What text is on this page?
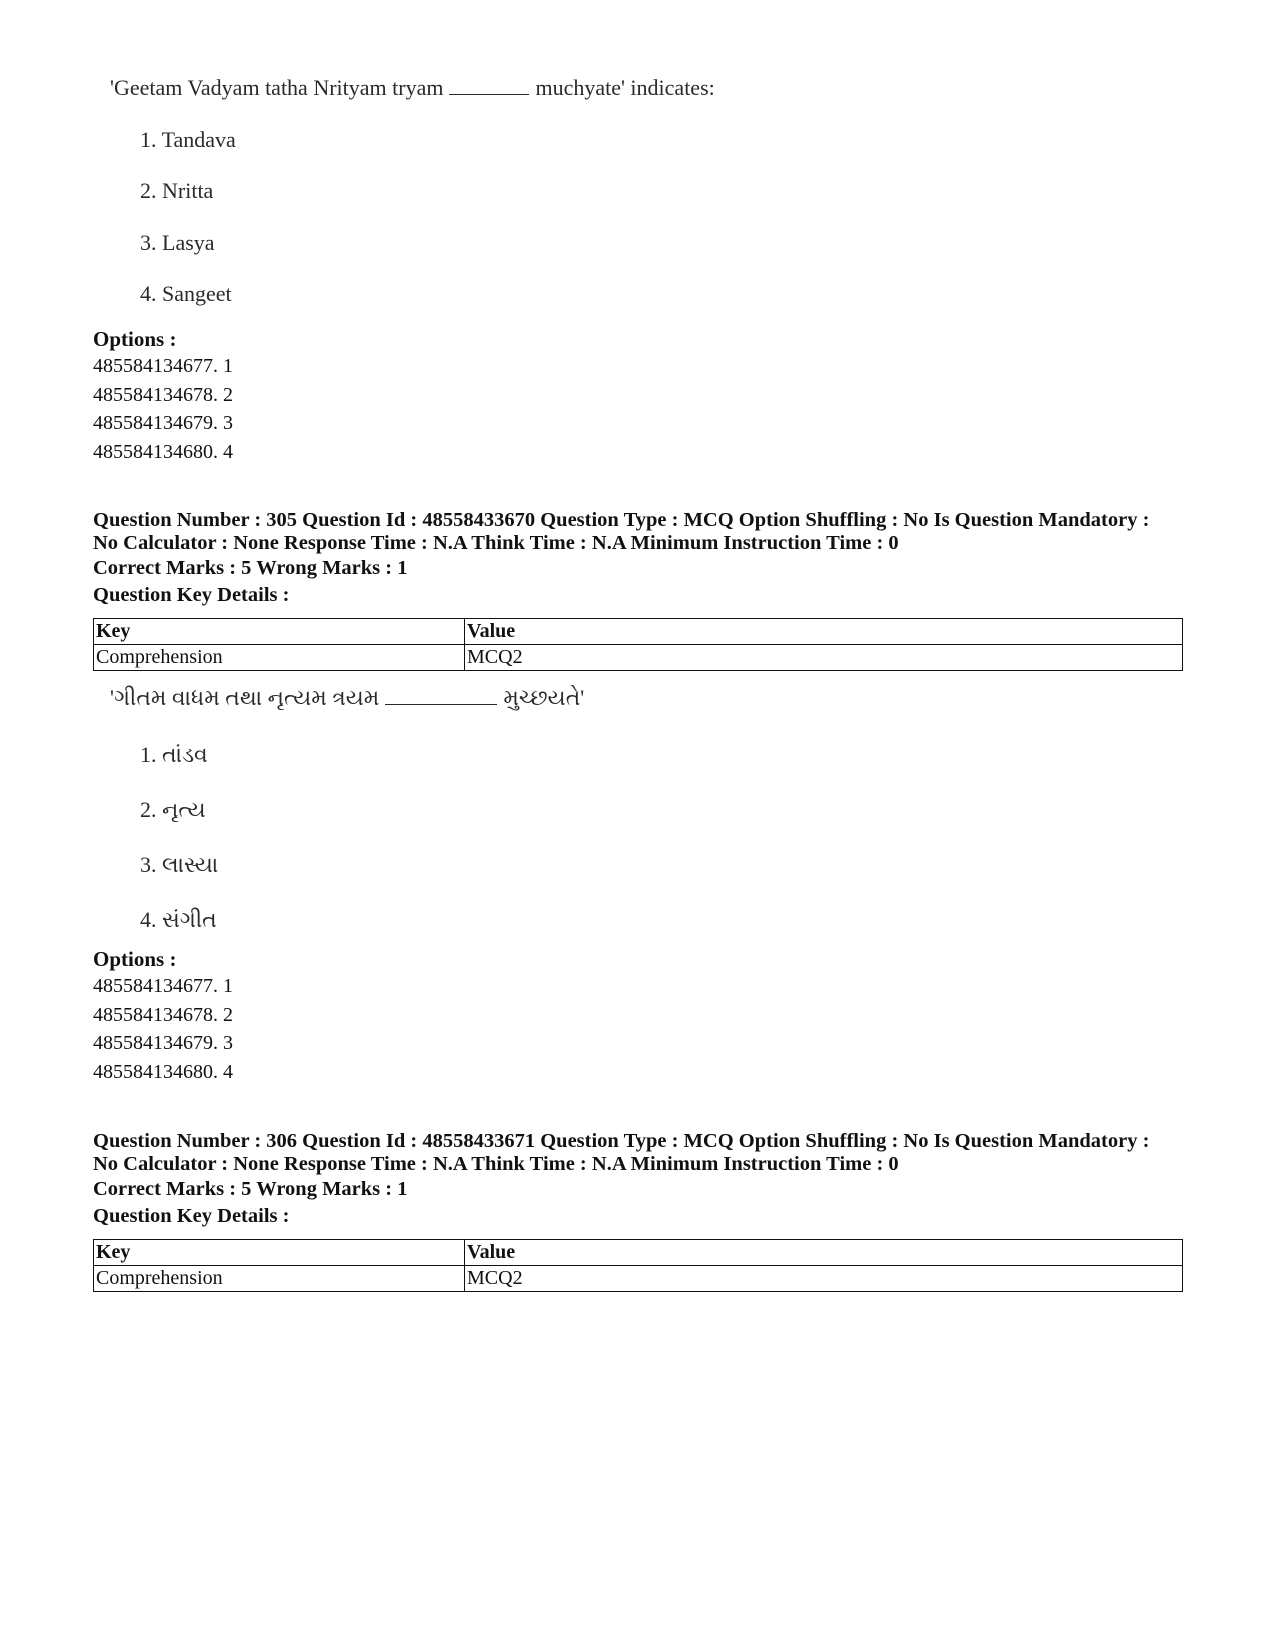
'Geetam Vadyam tatha Nrityam tryam	muchyate' indicates:
1. Tandava
2. Nritta
3. Lasya
4. Sangeet
Options :
485584134677. 1
485584134678. 2
485584134679. 3
485584134680. 4
Question Number : 305 Question Id : 48558433670 Question Type : MCQ Option Shuffling : No Is Question Mandatory :
No Calculator : None Response Time : N.A Think Time : N.A Minimum Instruction Time : 0
Correct Marks : 5 Wrong Marks : 1
Question Key Details :
Key	Value
Comprehension	MCQ2
'ગીતમ વાધમ તથા નૃત્યમ ત્રયમ	મુચ્છયતે'
1. તાંડવ
2. નૃત્ય
3. લાસ્યા
4. સંગીત
Options :
485584134677. 1
485584134678. 2
485584134679. 3
485584134680. 4
Question Number : 306 Question Id : 48558433671 Question Type : MCQ Option Shuffling : No Is Question Mandatory :
No Calculator : None Response Time : N.A Think Time : N.A Minimum Instruction Time : 0
Correct Marks : 5 Wrong Marks : 1
Question Key Details :
Key	Value
Comprehension	MCQ2
